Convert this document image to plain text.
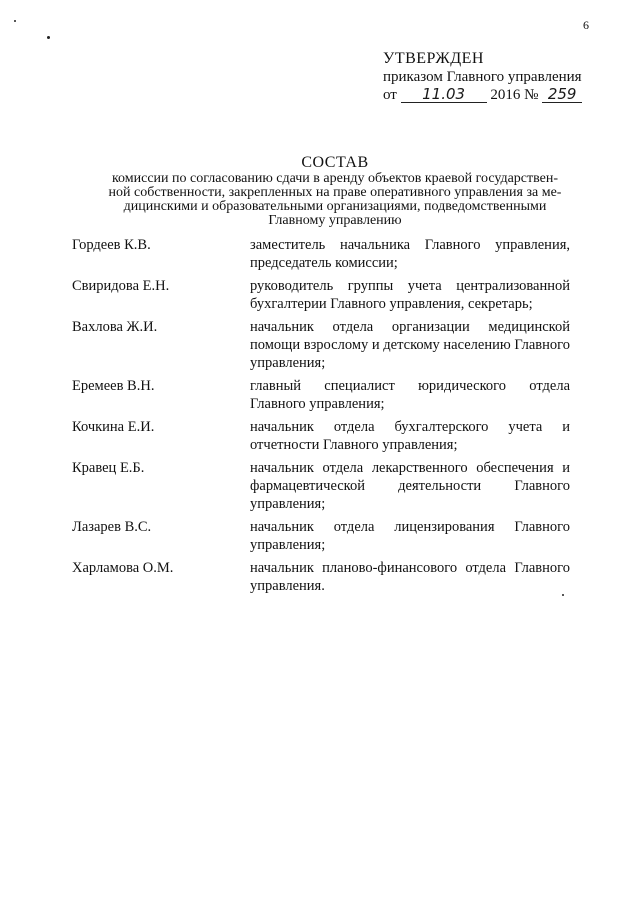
6
УТВЕРЖДЕН
приказом Главного управления
от 11.03 2016 № 259
СОСТАВ
комиссии по согласованию сдачи в аренду объектов краевой государствен-
ной собственности, закрепленных на праве оперативного управления за ме-
дицинскими и образовательными организациями, подведомственными
Главному управлению
Гордеев К.В.	заместитель начальника Главного управления, председатель комиссии;
Свиридова Е.Н.	руководитель группы учета централизованной бухгалтерии Главного управления, секретарь;
Вахлова Ж.И.	начальник отдела организации медицинской помощи взрослому и детскому населению Главного управления;
Еремеев В.Н.	главный специалист юридического отдела Главного управления;
Кочкина Е.И.	начальник отдела бухгалтерского учета и отчетности Главного управления;
Кравец Е.Б.	начальник отдела лекарственного обеспечения и фармацевтической деятельности Главного управления;
Лазарев В.С.	начальник отдела лицензирования Главного управления;
Харламова О.М.	начальник планово-финансового отдела Главного управления.
